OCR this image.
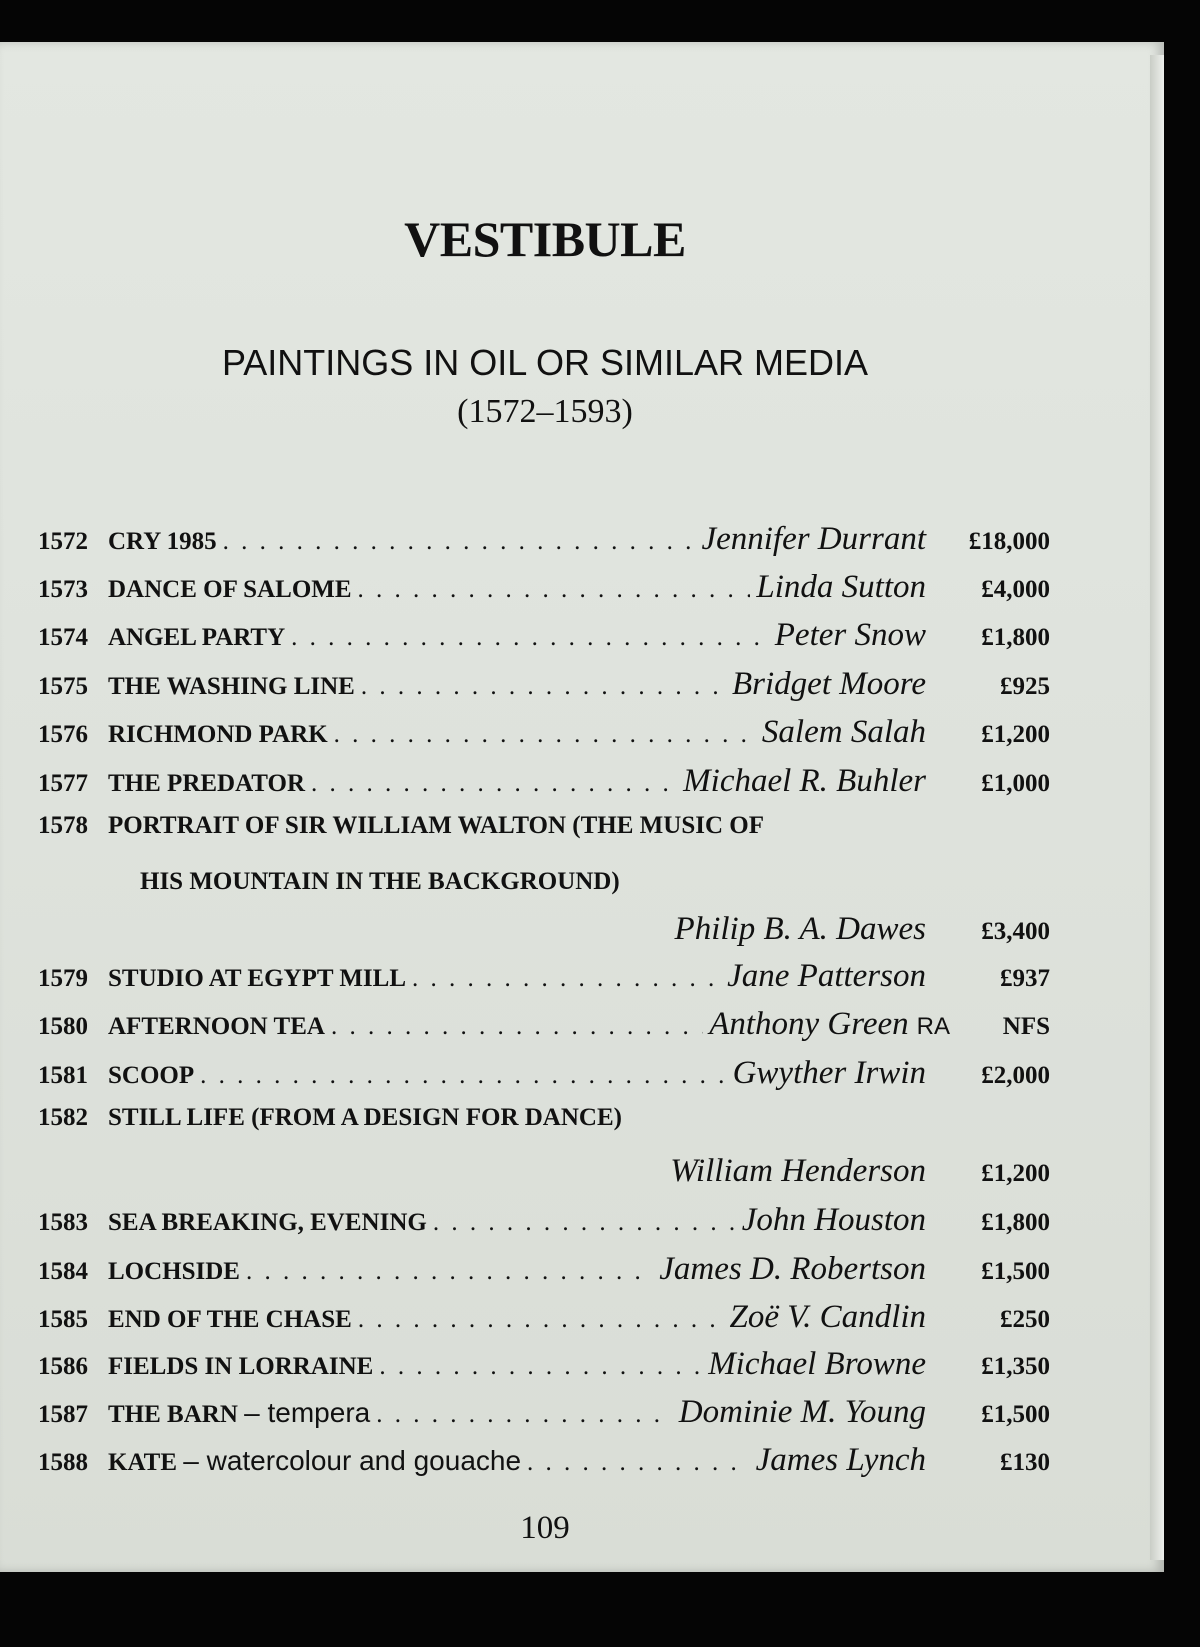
VESTIBULE
PAINTINGS IN OIL OR SIMILAR MEDIA
(1572–1593)
1572 CRY 1985 . . .	Jennifer Durrant	£18,000
1573 DANCE OF SALOME . . .	Linda Sutton	£4,000
1574 ANGEL PARTY . . .	Peter Snow	£1,800
1575 THE WASHING LINE . . .	Bridget Moore	£925
1576 RICHMOND PARK . . .	Salem Salah	£1,200
1577 THE PREDATOR . . .	Michael R. Buhler	£1,000
1578 PORTRAIT OF SIR WILLIAM WALTON (THE MUSIC OF
HIS MOUNTAIN IN THE BACKGROUND)
Philip B. A. Dawes	£3,400
1579 STUDIO AT EGYPT MILL . . .	Jane Patterson	£937
1580 AFTERNOON TEA . . .	Anthony Green RA	NFS
1581 SCOOP . . .	Gwyther Irwin	£2,000
1582 STILL LIFE (FROM A DESIGN FOR DANCE)
William Henderson	£1,200
1583 SEA BREAKING, EVENING . . .	John Houston	£1,800
1584 LOCHSIDE . . .	James D. Robertson	£1,500
1585 END OF THE CHASE . . .	Zoë V. Candlin	£250
1586 FIELDS IN LORRAINE . . .	Michael Browne	£1,350
1587 THE BARN – tempera . . .	Dominie M. Young	£1,500
1588 KATE – watercolour and gouache . . .	James Lynch	£130
109
